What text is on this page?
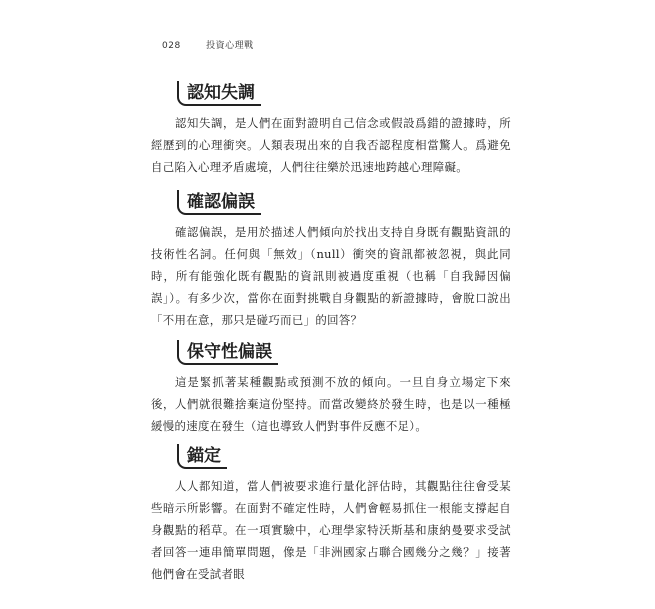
028	投資心理戰
認知失調

認知失調，是人們在面對證明自己信念或假設爲錯的證據時，所經歷到的心理衝突。人類表現出來的自我否認程度相當驚人。爲避免自己陷入心理矛盾處境，人們往往樂於迅速地跨越心理障礙。

確認偏誤

確認偏誤，是用於描述人們傾向於找出支持自身既有觀點資訊的技術性名詞。任何與「無效」（null）衝突的資訊都被忽視，與此同時，所有能強化既有觀點的資訊則被過度重視（也稱「自我歸因偏誤」）。有多少次，當你在面對挑戰自身觀點的新證據時，會脫口說出「不用在意，那只是碰巧而已」的回答？

保守性偏誤

這是緊抓著某種觀點或預測不放的傾向。一旦自身立場定下來後，人們就很難捨棄這份堅持。而當改變終於發生時，也是以一種極緩慢的速度在發生（這也導致人們對事件反應不足）。

錨定

人人都知道，當人們被要求進行量化評估時，其觀點往往會受某些暗示所影響。在面對不確定性時，人們會輕易抓住一根能支撐起自身觀點的稻草。在一項實驗中，心理學家特沃斯基和康納曼要求受試者回答一連串簡單問題，像是「非洲國家占聯合國幾分之幾？」接著他們會在受試者眼
